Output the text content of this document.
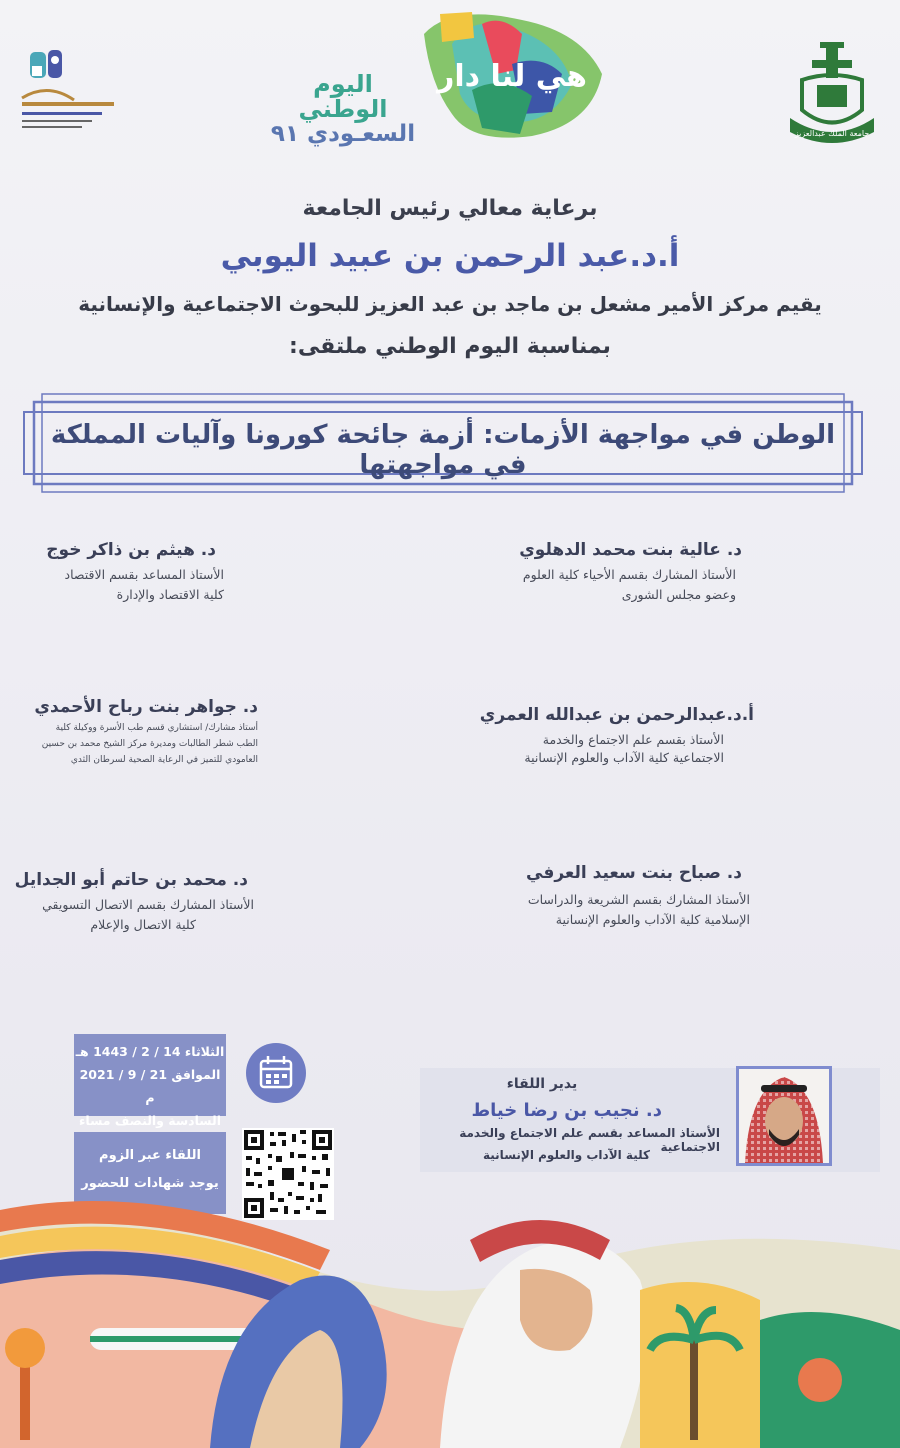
جامعة الملك عبدالعزيز
هي لنا دار
اليوم الوطني
السعـودي ٩١
برعاية معالي رئيس الجامعة
أ.د.عبد الرحمن بن عبيد اليوبي
يقيم مركز الأمير مشعل بن ماجد بن عبد العزيز للبحوث الاجتماعية والإنسانية
بمناسبة اليوم الوطني ملتقى:
الوطن في مواجهة الأزمات: أزمة جائحة كورونا وآليات المملكة في مواجهتها
د. عالية بنت محمد الدهلوي
الأستاذ المشارك بقسم الأحياء كلية العلوم
وعضو مجلس الشورى
د. هيثم بن ذاكر خوج
الأستاذ المساعد بقسم الاقتصاد
كلية الاقتصاد والإدارة
أ.د.عبدالرحمن بن عبدالله العمري
الأستاذ بقسم علم الاجتماع والخدمة
الاجتماعية كلية الآداب والعلوم الإنسانية
د. جواهر بنت رباح الأحمدي
أستاذ مشارك/ استشاري قسم طب الأسرة ووكيلة كلية
الطب شطر الطالبات ومديرة مركز الشيخ محمد بن حسين
العامودي للتميز في الرعاية الصحية لسرطان الثدي
د. صباح بنت سعيد العرفي
الأستاذ المشارك بقسم الشريعة والدراسات
الإسلامية كلية الآداب والعلوم الإنسانية
د. محمد بن حاتم أبو الجدايل
الأستاذ المشارك بقسم الاتصال التسويقي
كلية الاتصال والإعلام
الثلاثاء 14 / 2 / 1443 هـ
الموافق 21 / 9 / 2021 م
السادسة والنصف مساء
اللقاء عبر الزوم
يوجد شهادات للحضور
يدير اللقاء
د. نجيب بن رضا خياط
الأستاذ المساعد بقسم علم الاجتماع والخدمة الاجتماعية
كلية الآداب والعلوم الإنسانية
